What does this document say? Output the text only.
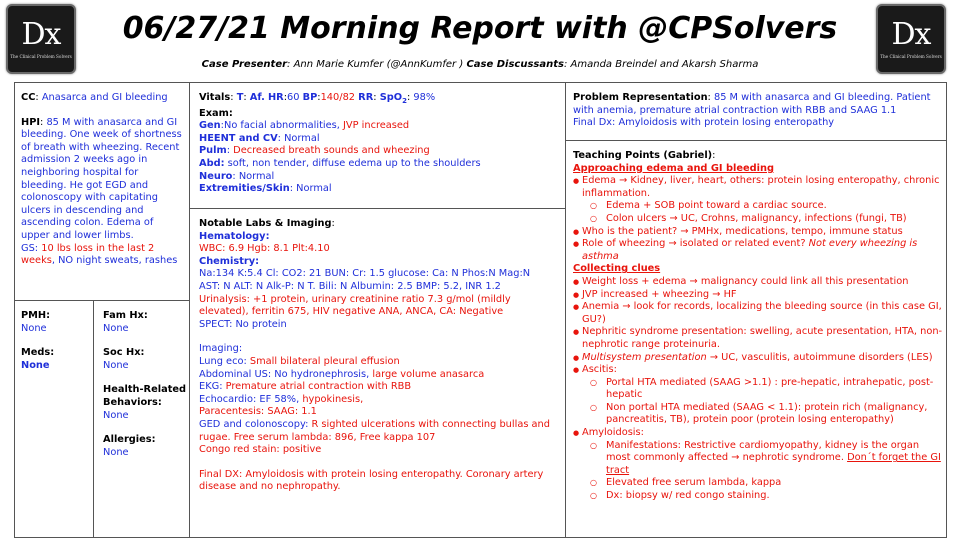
Dx
The Clinical Problem Solvers
Dx
The Clinical Problem Solvers
06/27/21 Morning Report with @CPSolvers
Case Presenter: Ann Marie Kumfer (@AnnKumfer ) Case Discussants: Amanda Breindel and Akarsh Sharma
CC: Anasarca and GI bleeding
HPI: 85 M with anasarca and GI bleeding. One week of shortness of breath with wheezing. Recent admission 2 weeks ago in neighboring hospital for bleeding. He got EGD and colonoscopy with capitating ulcers in descending and ascending colon. Edema of upper and lower limbs.
GS: 10 lbs loss in the last 2 weeks, NO night sweats, rashes
PMH:
None
Meds:
None
Fam Hx:
None
Soc Hx:
None
Health-Related Behaviors:
None
Allergies:
None
Vitals: T: Af. HR:60 BP:140/82 RR: SpO$_2$: 98%
Exam:
Gen:No facial abnormalities, JVP increased
HEENT and CV: Normal
Pulm: Decreased breath sounds and wheezing
Abd: soft, non tender, diffuse edema up to the shoulders
Neuro: Normal
Extremities/Skin: Normal
Notable Labs & Imaging:
Hematology:
WBC: 6.9 Hgb: 8.1 Plt:4.10
Chemistry:
Na:134 K:5.4 Cl: CO2: 21 BUN: Cr: 1.5 glucose: Ca: N Phos:N Mag:N
AST: N ALT: N Alk-P: N T. Bili: N Albumin: 2.5 BMP: 5.2, INR 1.2
Urinalysis: +1 protein, urinary creatinine ratio 7.3 g/mol (mildly elevated), ferritin 675, HIV negative ANA, ANCA, CA: Negative
SPECT: No protein
Imaging:
Lung eco: Small bilateral pleural effusion
Abdominal US: No hydronephrosis, large volume anasarca
EKG: Premature atrial contraction with RBB
Echocardio: EF 58%, hypokinesis,
Paracentesis: SAAG: 1.1
GED and colonoscopy: R sighted ulcerations with connecting bullas and rugae. Free serum lambda: 896, Free kappa 107
Congo red stain: positive
Final DX: Amyloidosis with protein losing enteropathy. Coronary artery disease and no nephropathy.
Problem Representation: 85 M with anasarca and GI bleeding. Patient with anemia, premature atrial contraction with RBB and SAAG 1.1
Final Dx: Amyloidosis with protein losing enteropathy
Teaching Points (Gabriel):
Approaching edema and GI bleeding
● Edema → Kidney, liver, heart, others: protein losing enteropathy, chronic inflammation.
○ Edema + SOB point toward a cardiac source.
○ Colon ulcers → UC, Crohns, malignancy, infections (fungi, TB)
● Who is the patient? → PMHx, medications, tempo, immune status
● Role of wheezing → isolated or related event? Not every wheezing is asthma
Collecting clues
● Weight loss + edema → malignancy could link all this presentation
● JVP increased + wheezing → HF
● Anemia → look for records, localizing the bleeding source (in this case GI, GU?)
● Nephritic syndrome presentation: swelling, acute presentation, HTA, non-nephrotic range proteinuria.
● Multisystem presentation → UC, vasculitis, autoimmune disorders (LES)
● Ascitis:
○ Portal HTA mediated (SAAG >1.1) : pre-hepatic, intrahepatic, post-hepatic
○ Non portal HTA mediated (SAAG < 1.1): protein rich (malignancy, pancreatitis, TB), protein poor (protein losing enteropathy)
● Amyloidosis:
○ Manifestations: Restrictive cardiomyopathy, kidney is the organ most commonly affected → nephrotic syndrome. Don´t forget the GI tract
○ Elevated free serum lambda, kappa
○ Dx: biopsy w/ red congo staining.
